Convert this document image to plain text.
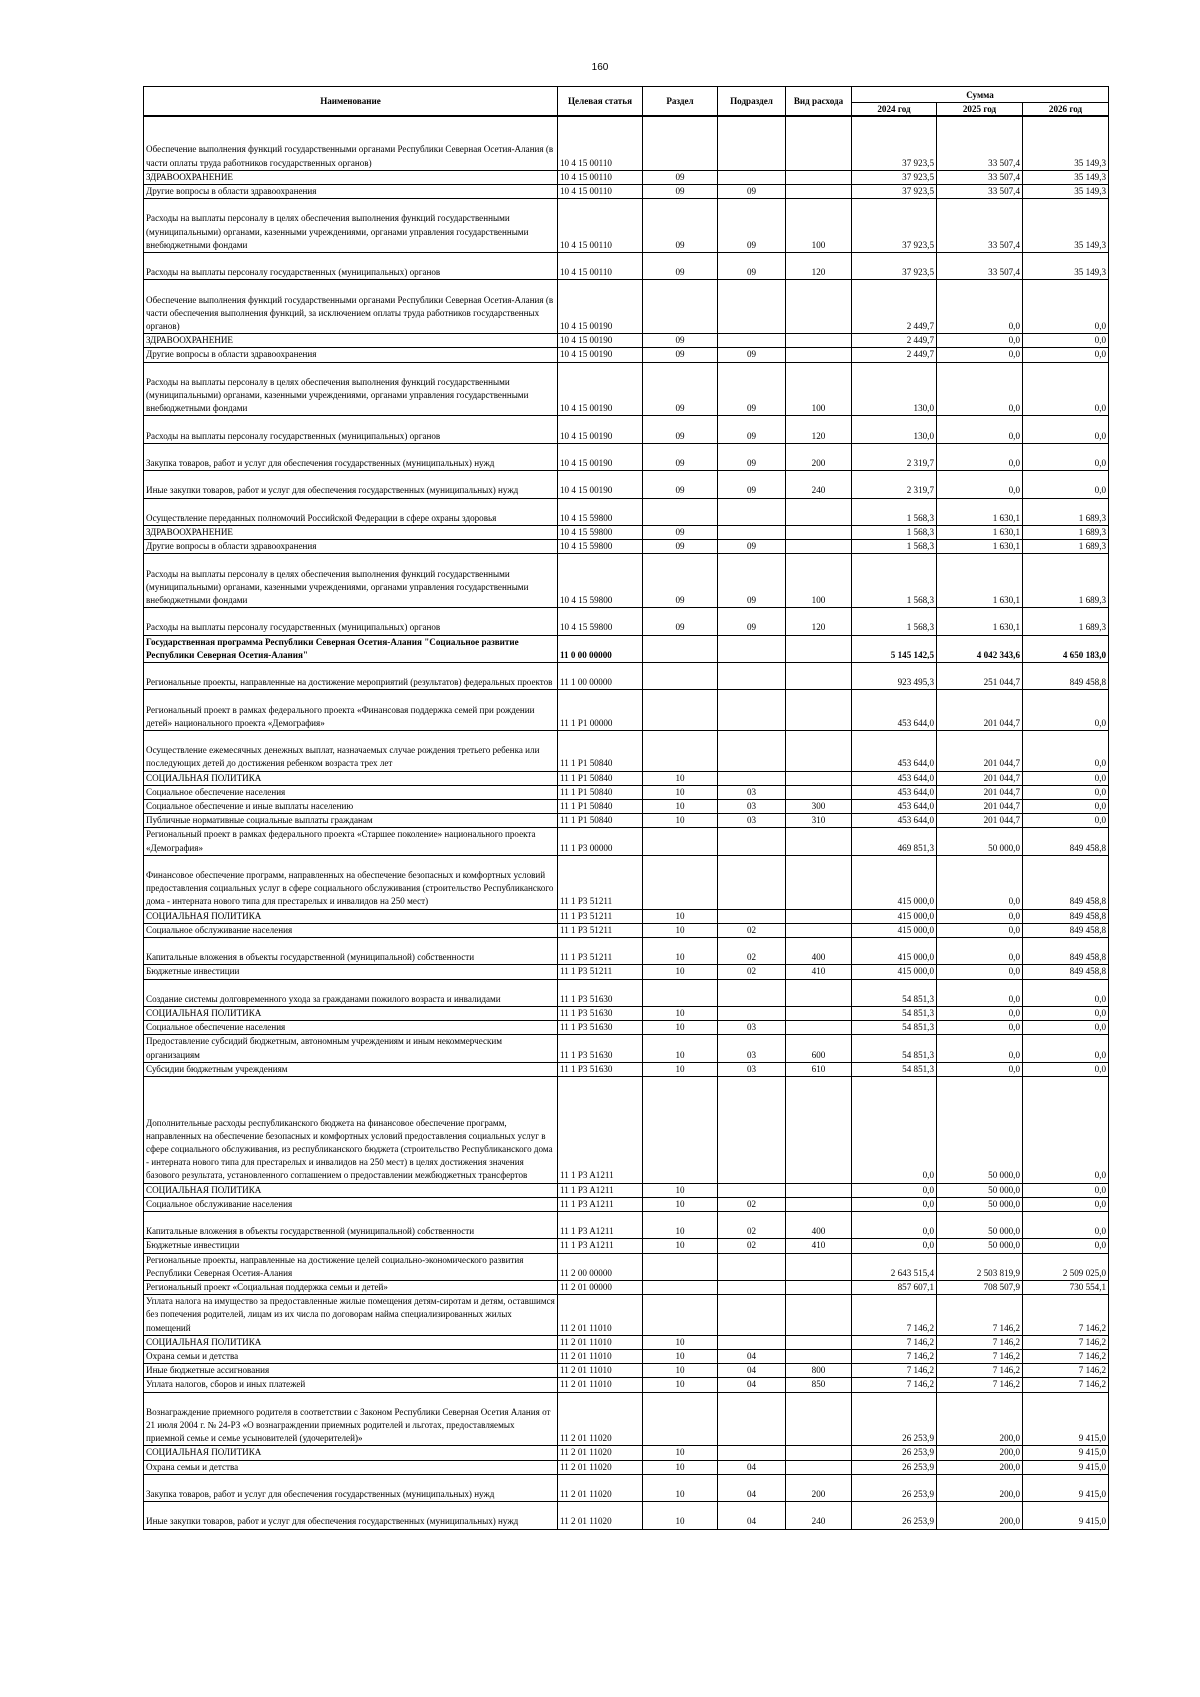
160
Наименование	Целевая статья	Раздел	Подраздел	Вид расхода	Сумма		
					2024 год	2025 год	2026 год
Обеспечение выполнения функций государственными органами Республики Северная Осетия-Алания (в части оплаты труда работников государственных органов)	10 4 15 00110				37 923,5	33 507,4	35 149,3
ЗДРАВООХРАНЕНИЕ	10 4 15 00110	09			37 923,5	33 507,4	35 149,3
Другие вопросы в области здравоохранения	10 4 15 00110	09	09		37 923,5	33 507,4	35 149,3
Расходы на выплаты персоналу в целях обеспечения выполнения функций государственными (муниципальными) органами, казенными учреждениями, органами управления государственными внебюджетными фондами	10 4 15 00110	09	09	100	37 923,5	33 507,4	35 149,3
Расходы на выплаты персоналу государственных (муниципальных) органов	10 4 15 00110	09	09	120	37 923,5	33 507,4	35 149,3
Обеспечение выполнения функций государственными органами Республики Северная Осетия-Алания (в части обеспечения выполнения функций, за исключением оплаты труда работников государственных органов)	10 4 15 00190				2 449,7	0,0	0,0
ЗДРАВООХРАНЕНИЕ	10 4 15 00190	09			2 449,7	0,0	0,0
Другие вопросы в области здравоохранения	10 4 15 00190	09	09		2 449,7	0,0	0,0
Расходы на выплаты персоналу в целях обеспечения выполнения функций государственными (муниципальными) органами, казенными учреждениями, органами управления государственными внебюджетными фондами	10 4 15 00190	09	09	100	130,0	0,0	0,0
Расходы на выплаты персоналу государственных (муниципальных) органов	10 4 15 00190	09	09	120	130,0	0,0	0,0
Закупка товаров, работ и услуг для обеспечения государственных (муниципальных) нужд	10 4 15 00190	09	09	200	2 319,7	0,0	0,0
Иные закупки товаров, работ и услуг для обеспечения государственных (муниципальных) нужд	10 4 15 00190	09	09	240	2 319,7	0,0	0,0
Осуществление переданных полномочий Российской Федерации в сфере охраны здоровья	10 4 15 59800				1 568,3	1 630,1	1 689,3
ЗДРАВООХРАНЕНИЕ	10 4 15 59800	09			1 568,3	1 630,1	1 689,3
Другие вопросы в области здравоохранения	10 4 15 59800	09	09		1 568,3	1 630,1	1 689,3
Расходы на выплаты персоналу в целях обеспечения выполнения функций государственными (муниципальными) органами, казенными учреждениями, органами управления государственными внебюджетными фондами	10 4 15 59800	09	09	100	1 568,3	1 630,1	1 689,3
Расходы на выплаты персоналу государственных (муниципальных) органов	10 4 15 59800	09	09	120	1 568,3	1 630,1	1 689,3
Государственная программа Республики Северная Осетия-Алания "Социальное развитие Республики Северная Осетия-Алания"	11 0 00 00000				5 145 142,5	4 042 343,6	4 650 183,0
Региональные проекты, направленные на достижение мероприятий (результатов) федеральных проектов	11 1 00 00000				923 495,3	251 044,7	849 458,8
Региональный проект в рамках федерального проекта «Финансовая поддержка семей при рождении детей» национального проекта «Демография»	11 1 P1 00000				453 644,0	201 044,7	0,0
Осуществление ежемесячных денежных выплат, назначаемых случае рождения третьего ребенка или последующих детей до достижения ребенком возраста трех лет	11 1 P1 50840				453 644,0	201 044,7	0,0
СОЦИАЛЬНАЯ ПОЛИТИКА	11 1 P1 50840	10			453 644,0	201 044,7	0,0
Социальное обеспечение населения	11 1 P1 50840	10	03		453 644,0	201 044,7	0,0
Социальное обеспечение и иные выплаты населению	11 1 P1 50840	10	03	300	453 644,0	201 044,7	0,0
Публичные нормативные социальные выплаты гражданам	11 1 P1 50840	10	03	310	453 644,0	201 044,7	0,0
Региональный проект в рамках федерального проекта «Старшее поколение» национального проекта «Демография»	11 1 P3 00000				469 851,3	50 000,0	849 458,8
Финансовое обеспечение программ, направленных на обеспечение безопасных и комфортных условий предоставления социальных услуг в сфере социального обслуживания (строительство Республиканского дома - интерната нового типа для престарелых и инвалидов на 250 мест)	11 1 P3 51211				415 000,0	0,0	849 458,8
СОЦИАЛЬНАЯ ПОЛИТИКА	11 1 P3 51211	10			415 000,0	0,0	849 458,8
Социальное обслуживание населения	11 1 P3 51211	10	02		415 000,0	0,0	849 458,8
Капитальные вложения в объекты государственной (муниципальной) собственности	11 1 P3 51211	10	02	400	415 000,0	0,0	849 458,8
Бюджетные инвестиции	11 1 P3 51211	10	02	410	415 000,0	0,0	849 458,8
Создание системы долговременного ухода за гражданами пожилого возраста и инвалидами	11 1 P3 51630				54 851,3	0,0	0,0
СОЦИАЛЬНАЯ ПОЛИТИКА	11 1 P3 51630	10			54 851,3	0,0	0,0
Социальное обеспечение населения	11 1 P3 51630	10	03		54 851,3	0,0	0,0
Предоставление субсидий бюджетным, автономным учреждениям и иным некоммерческим организациям	11 1 P3 51630	10	03	600	54 851,3	0,0	0,0
Субсидии бюджетным учреждениям	11 1 P3 51630	10	03	610	54 851,3	0,0	0,0
Дополнительные расходы республиканского бюджета на финансовое обеспечение программ, направленных на обеспечение безопасных и комфортных условий предоставления социальных услуг в сфере социального обслуживания, из республиканского бюджета (строительство Республиканского дома - интерната нового типа для престарелых и инвалидов на 250 мест) в целях достижения значения базового результата, установленного соглашением о предоставлении межбюджетных трансфертов	11 1 P3 A1211				0,0	50 000,0	0,0
СОЦИАЛЬНАЯ ПОЛИТИКА	11 1 P3 A1211	10			0,0	50 000,0	0,0
Социальное обслуживание населения	11 1 P3 A1211	10	02		0,0	50 000,0	0,0
Капитальные вложения в объекты государственной (муниципальной) собственности	11 1 P3 A1211	10	02	400	0,0	50 000,0	0,0
Бюджетные инвестиции	11 1 P3 A1211	10	02	410	0,0	50 000,0	0,0
Региональные проекты, направленные на достижение целей социально-экономического развития Республики Северная Осетия-Алания	11 2 00 00000				2 643 515,4	2 503 819,9	2 509 025,0
Региональный проект «Социальная поддержка семьи и детей»	11 2 01 00000				857 607,1	708 507,9	730 554,1
Уплата налога на имущество за предоставленные жилые помещения детям-сиротам и детям, оставшимся без попечения родителей, лицам из их числа по договорам найма специализированных жилых помещений	11 2 01 11010				7 146,2	7 146,2	7 146,2
СОЦИАЛЬНАЯ ПОЛИТИКА	11 2 01 11010	10			7 146,2	7 146,2	7 146,2
Охрана семьи и детства	11 2 01 11010	10	04		7 146,2	7 146,2	7 146,2
Иные бюджетные ассигнования	11 2 01 11010	10	04	800	7 146,2	7 146,2	7 146,2
Уплата налогов, сборов и иных платежей	11 2 01 11010	10	04	850	7 146,2	7 146,2	7 146,2
Вознаграждение приемного родителя в соответствии с Законом Республики Северная Осетия Алания от 21 июля 2004 г. № 24-РЗ «О вознаграждении приемных родителей и льготах, предоставляемых приемной семье и семье усыновителей (удочерителей)»	11 2 01 11020				26 253,9	200,0	9 415,0
СОЦИАЛЬНАЯ ПОЛИТИКА	11 2 01 11020	10			26 253,9	200,0	9 415,0
Охрана семьи и детства	11 2 01 11020	10	04		26 253,9	200,0	9 415,0
Закупка товаров, работ и услуг для обеспечения государственных (муниципальных) нужд	11 2 01 11020	10	04	200	26 253,9	200,0	9 415,0
Иные закупки товаров, работ и услуг для обеспечения государственных (муниципальных) нужд	11 2 01 11020	10	04	240	26 253,9	200,0	9 415,0
